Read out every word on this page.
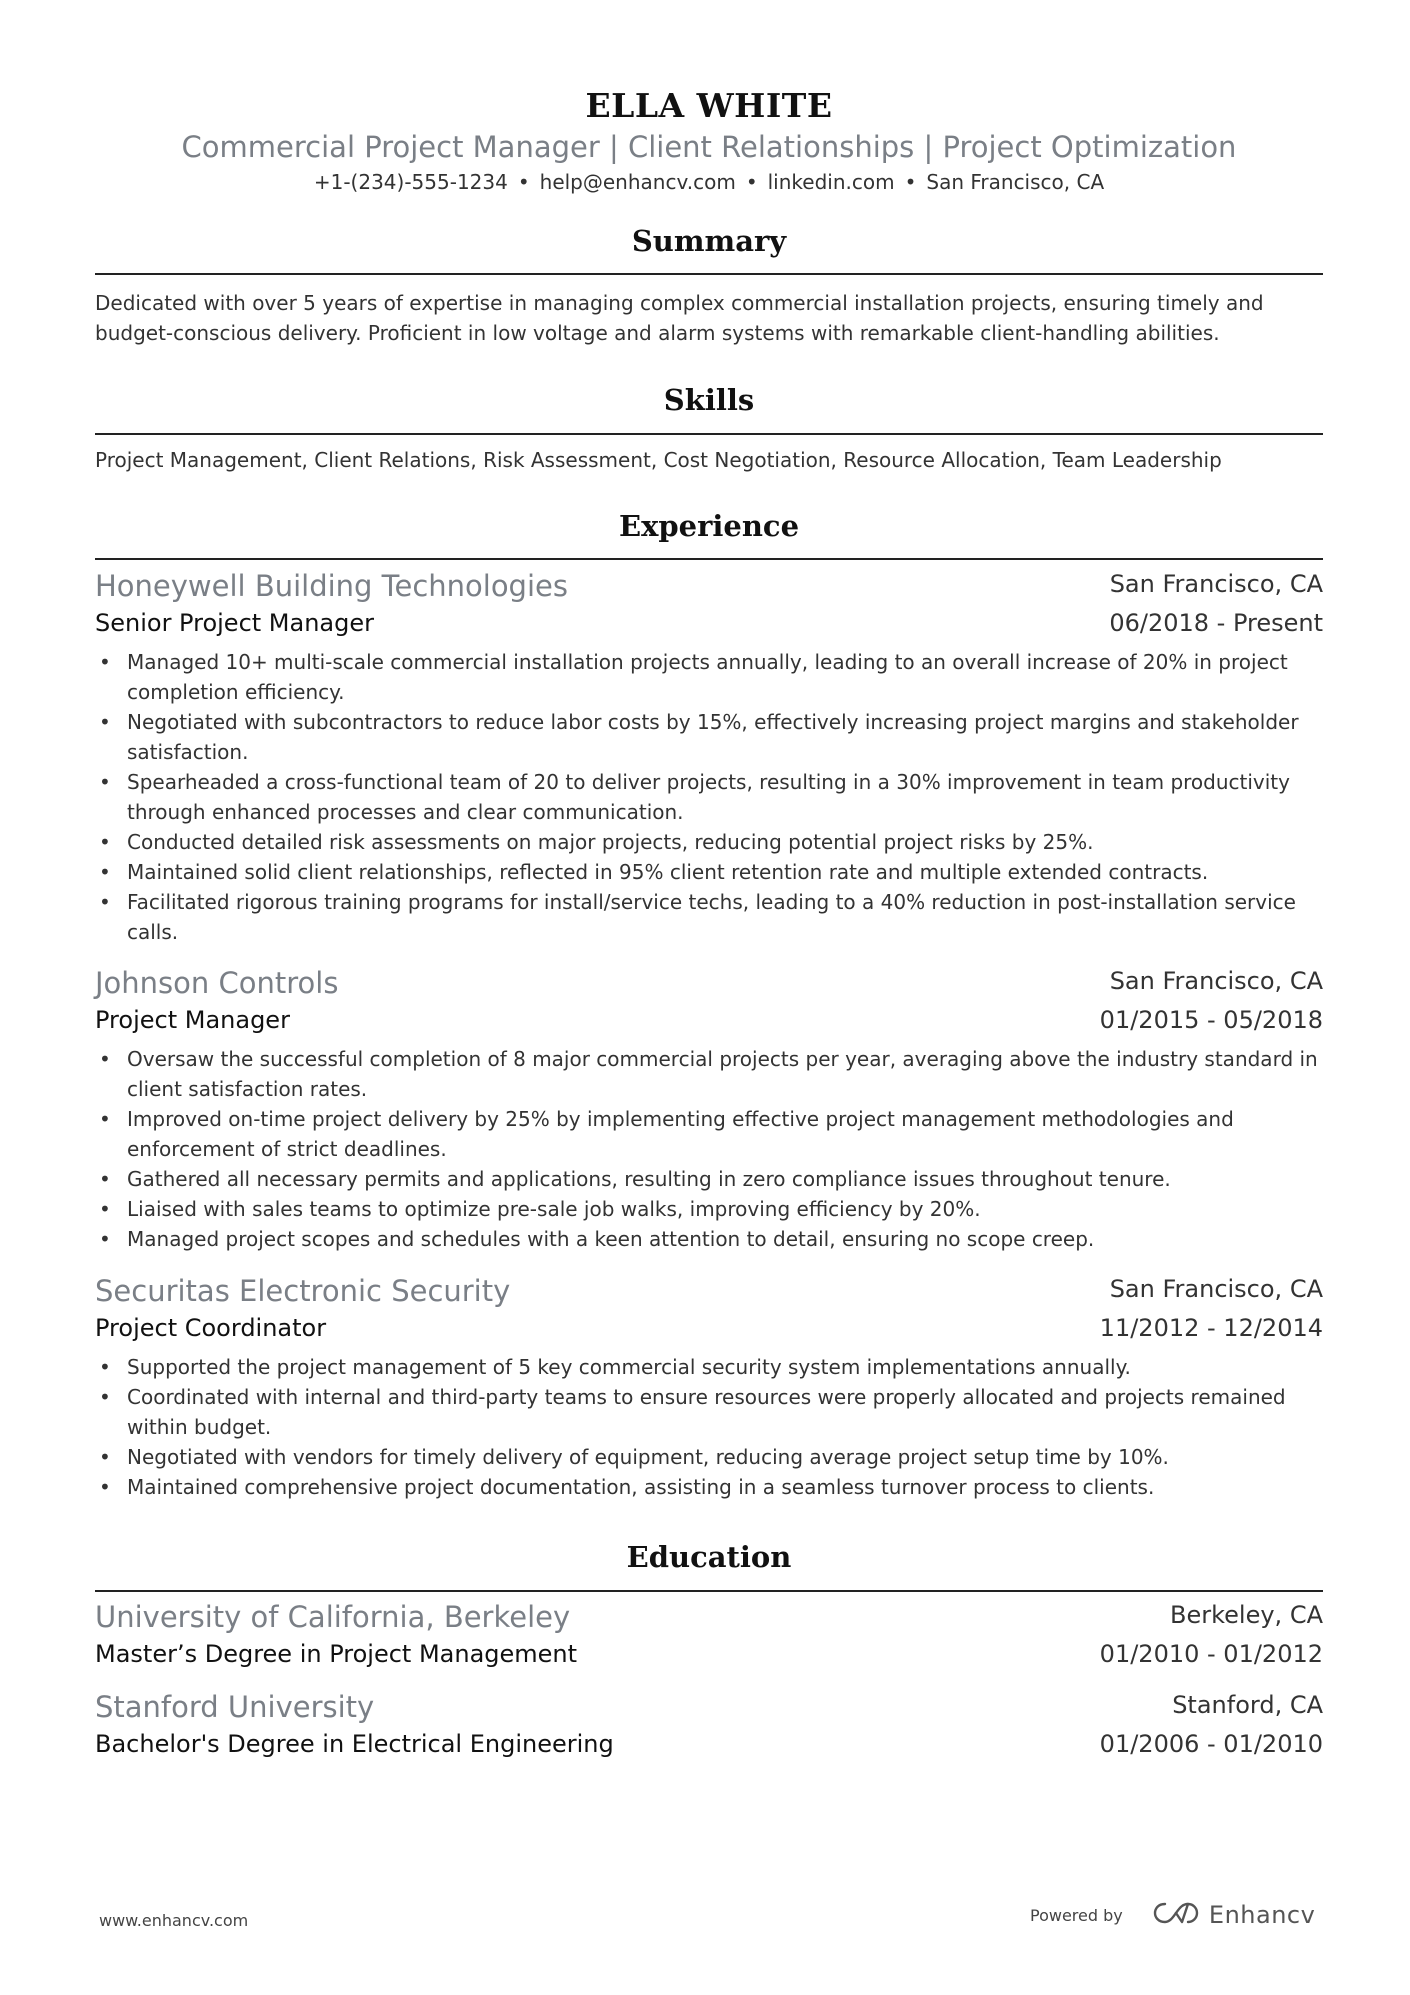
ELLA WHITE
Commercial Project Manager | Client Relationships | Project Optimization
+1-(234)-555-1234 • help@enhancv.com • linkedin.com • San Francisco, CA
Summary
Dedicated with over 5 years of expertise in managing complex commercial installation projects, ensuring timely and budget-conscious delivery. Proficient in low voltage and alarm systems with remarkable client-handling abilities.
Skills
Project Management, Client Relations, Risk Assessment, Cost Negotiation, Resource Allocation, Team Leadership
Experience
Honeywell Building Technologies	San Francisco, CA
Senior Project Manager	06/2018 - Present
• Managed 10+ multi-scale commercial installation projects annually, leading to an overall increase of 20% in project completion efficiency.
• Negotiated with subcontractors to reduce labor costs by 15%, effectively increasing project margins and stakeholder satisfaction.
• Spearheaded a cross-functional team of 20 to deliver projects, resulting in a 30% improvement in team productivity through enhanced processes and clear communication.
• Conducted detailed risk assessments on major projects, reducing potential project risks by 25%.
• Maintained solid client relationships, reflected in 95% client retention rate and multiple extended contracts.
• Facilitated rigorous training programs for install/service techs, leading to a 40% reduction in post-installation service calls.
Johnson Controls	San Francisco, CA
Project Manager	01/2015 - 05/2018
• Oversaw the successful completion of 8 major commercial projects per year, averaging above the industry standard in client satisfaction rates.
• Improved on-time project delivery by 25% by implementing effective project management methodologies and enforcement of strict deadlines.
• Gathered all necessary permits and applications, resulting in zero compliance issues throughout tenure.
• Liaised with sales teams to optimize pre-sale job walks, improving efficiency by 20%.
• Managed project scopes and schedules with a keen attention to detail, ensuring no scope creep.
Securitas Electronic Security	San Francisco, CA
Project Coordinator	11/2012 - 12/2014
• Supported the project management of 5 key commercial security system implementations annually.
• Coordinated with internal and third-party teams to ensure resources were properly allocated and projects remained within budget.
• Negotiated with vendors for timely delivery of equipment, reducing average project setup time by 10%.
• Maintained comprehensive project documentation, assisting in a seamless turnover process to clients.
Education
University of California, Berkeley	Berkeley, CA
Master’s Degree in Project Management	01/2010 - 01/2012
Stanford University	Stanford, CA
Bachelor's Degree in Electrical Engineering	01/2006 - 01/2010
www.enhancv.com	Powered by	Enhancv
